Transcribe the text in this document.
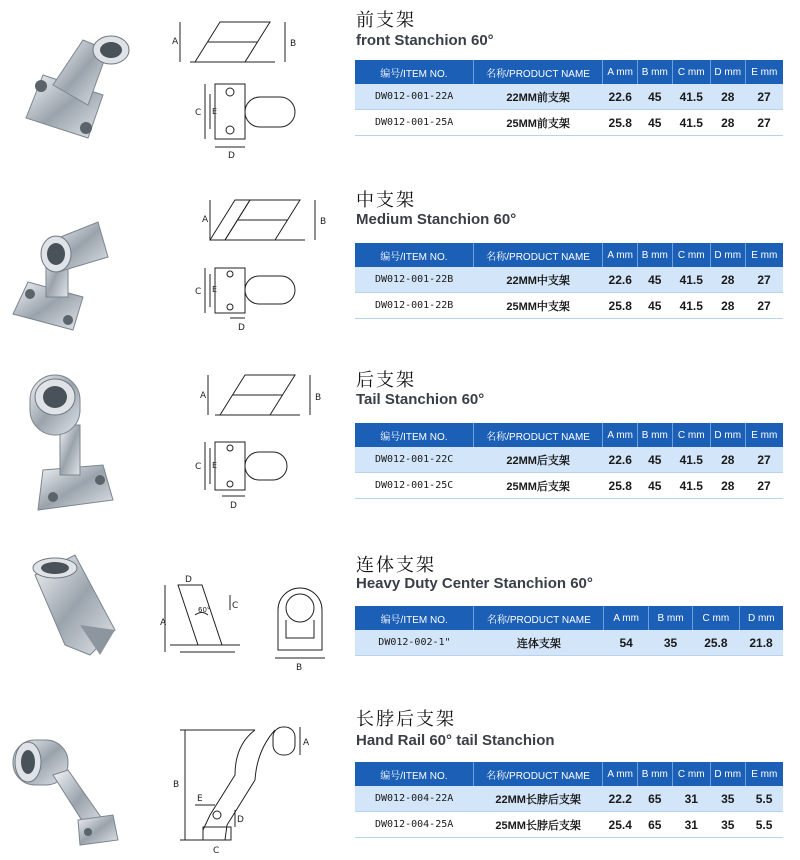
A	B
C E
D
前支架
front Stanchion 60°
编号/ITEM NO.	名称/PRODUCT NAME	A mm	B mm	C mm	D mm	E mm
DW012-001-22A	22MM前支架	22.6	45	41.5	28	27
DW012-001-25A	25MM前支架	25.8	45	41.5	28	27
A	B
C E
D
中支架
Medium Stanchion 60°
编号/ITEM NO.	名称/PRODUCT NAME	A mm	B mm	C mm	D mm	E mm
DW012-001-22B	22MM中支架	22.6	45	41.5	28	27
DW012-001-22B	25MM中支架	25.8	45	41.5	28	27
A	B
C E
D
后支架
Tail Stanchion 60°
编号/ITEM NO.	名称/PRODUCT NAME	A mm	B mm	C mm	D mm	E mm
DW012-001-22C	22MM后支架	22.6	45	41.5	28	27
DW012-001-25C	25MM后支架	25.8	45	41.5	28	27
A
D
C
60°
B
连体支架
Heavy Duty Center Stanchion 60°
编号/ITEM NO.	名称/PRODUCT NAME	A mm	B mm	C mm	D mm
DW012-002-1"	连体支架	54	35	25.8	21.8
B
A
E
D
C
长脖后支架
Hand Rail 60° tail Stanchion
编号/ITEM NO.	名称/PRODUCT NAME	A mm	B mm	C mm	D mm	E mm
DW012-004-22A	22MM长脖后支架	22.2	65	31	35	5.5
DW012-004-25A	25MM长脖后支架	25.4	65	31	35	5.5
